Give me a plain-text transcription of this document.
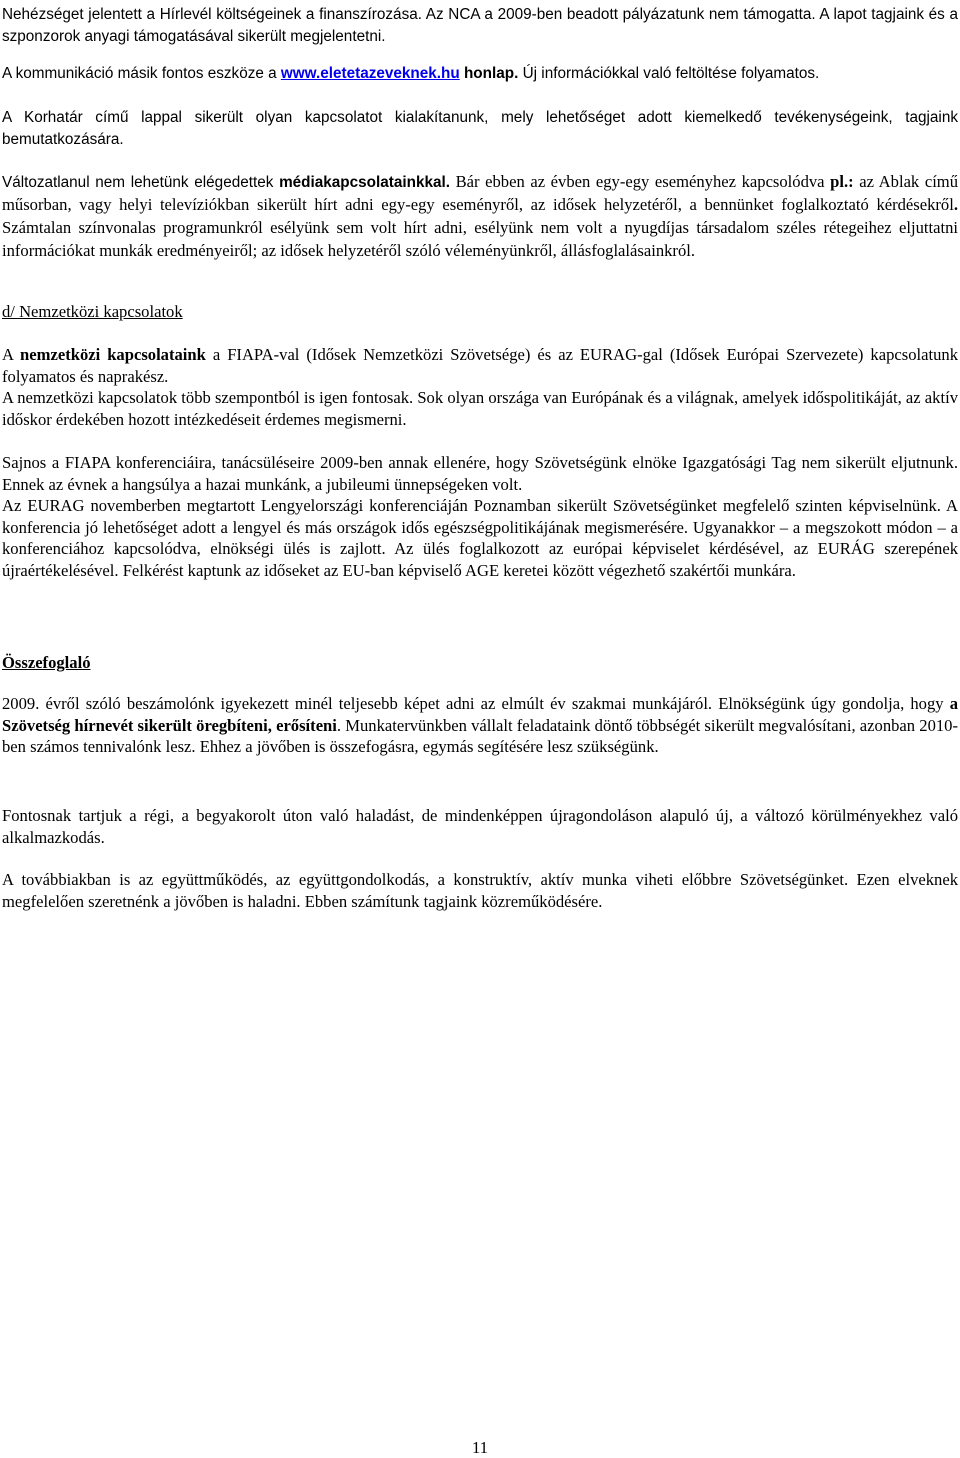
Nehézséget jelentett a Hírlevél költségeinek a finanszírozása. Az NCA a 2009-ben beadott pályázatunk nem támogatta. A lapot tagjaink és a szponzorok anyagi támogatásával sikerült megjelentetni.

A kommunikáció másik fontos eszköze a www.eletetazeveknek.hu honlap. Új információkkal való feltöltése folyamatos.

A Korhatár című lappal sikerült olyan kapcsolatot kialakítanunk, mely lehetőséget adott kiemelkedő tevékenységeink, tagjaink bemutatkozására.

Változatlanul nem lehetünk elégedettek médiakapcsolatainkkal. Bár ebben az évben egy-egy eseményhez kapcsolódva pl.: az Ablak című műsorban, vagy helyi televíziókban sikerült hírt adni egy-egy eseményről, az idősek helyzetéről, a bennünket foglalkoztató kérdésekről. Számtalan színvonalas programunkról esélyünk sem volt hírt adni, esélyünk nem volt a nyugdíjas társadalom széles rétegeihez eljuttatni információkat munkák eredményeiről; az idősek helyzetéről szóló véleményünkről, állásfoglalásainkról.

d/ Nemzetközi kapcsolatok

A nemzetközi kapcsolataink a FIAPA-val (Idősek Nemzetközi Szövetsége) és az EURAG-gal (Idősek Európai Szervezete) kapcsolatunk folyamatos és naprakész.

A nemzetközi kapcsolatok több szempontból is igen fontosak. Sok olyan országa van Európának és a világnak, amelyek időspolitikáját, az aktív időskor érdekében hozott intézkedéseit érdemes megismerni.

Sajnos a FIAPA konferenciáira, tanácsüléseire 2009-ben annak ellenére, hogy Szövetségünk elnöke Igazgatósági Tag nem sikerült eljutnunk. Ennek az évnek a hangsúlya a hazai munkánk, a jubileumi ünnepségeken volt.

Az EURAG novemberben megtartott Lengyelországi konferenciáján Poznamban sikerült Szövetségünket megfelelő szinten képviselnünk. A konferencia jó lehetőséget adott a lengyel és más országok idős egészségpolitikájának megismerésére. Ugyanakkor – a megszokott módon – a konferenciához kapcsolódva, elnökségi ülés is zajlott. Az ülés foglalkozott az európai képviselet kérdésével, az EURÁG szerepének újraértékelésével. Felkérést kaptunk az időseket az EU-ban képviselő AGE keretei között végezhető szakértői munkára.

Összefoglaló

2009. évről szóló beszámolónk igyekezett minél teljesebb képet adni az elmúlt év szakmai munkájáról. Elnökségünk úgy gondolja, hogy a Szövetség hírnevét sikerült öregbíteni, erősíteni. Munkatervünkben vállalt feladataink döntő többségét sikerült megvalósítani, azonban 2010-ben számos tennivalónk lesz. Ehhez a jövőben is összefogásra, egymás segítésére lesz szükségünk.

Fontosnak tartjuk a régi, a begyakorolt úton való haladást, de mindenképpen újragondoláson alapuló új, a változó körülményekhez való alkalmazkodás.

A továbbiakban is az együttműködés, az együttgondolkodás, a konstruktív, aktív munka viheti előbbre Szövetségünket. Ezen elveknek megfelelően szeretnénk a jövőben is haladni. Ebben számítunk tagjaink közreműködésére.

11
